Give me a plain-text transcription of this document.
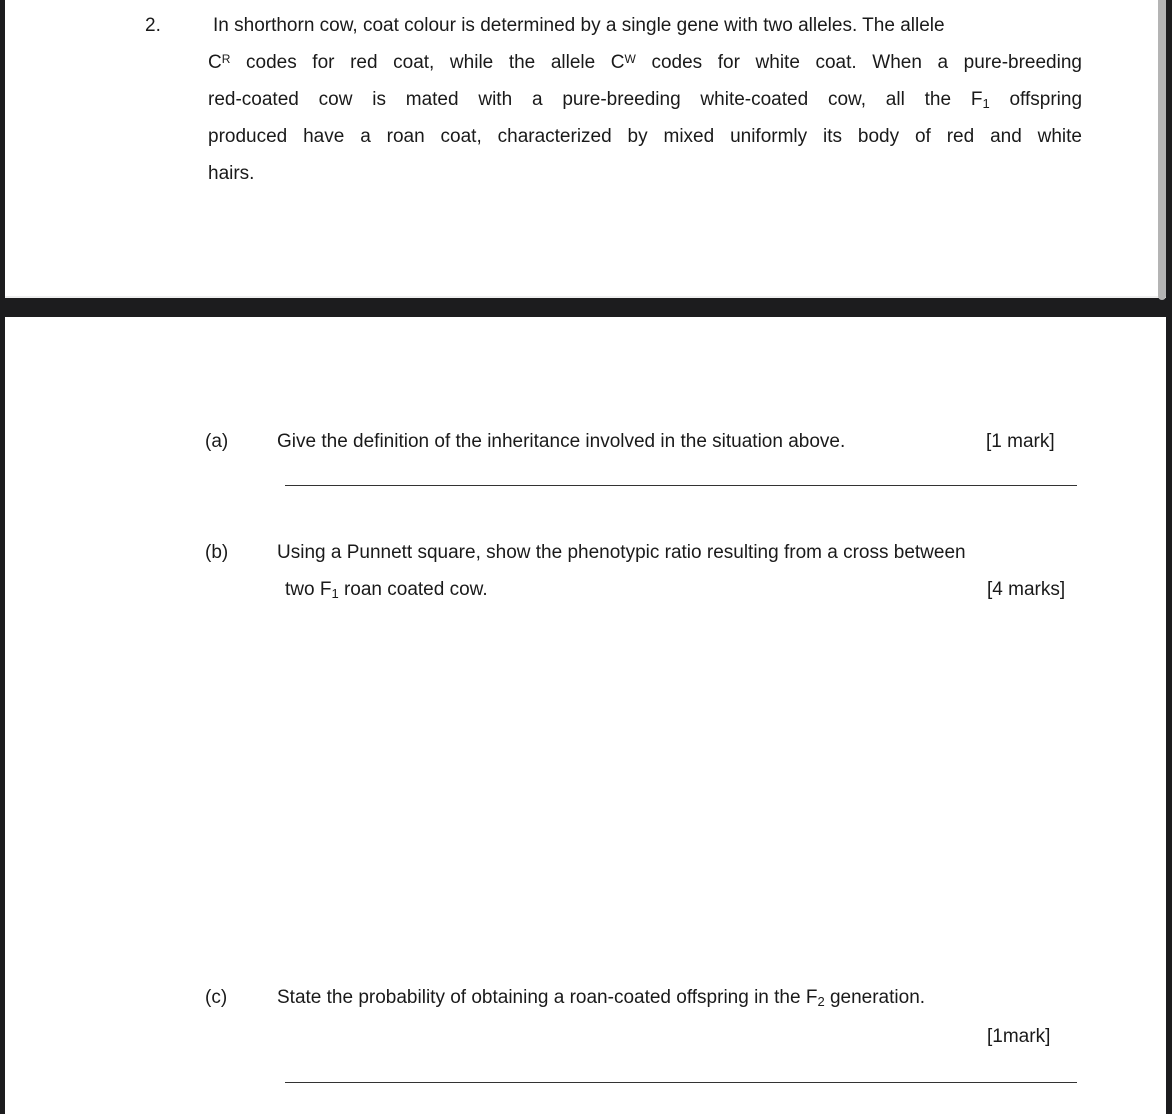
2.	In shorthorn cow, coat colour is determined by a single gene with two alleles. The allele
$C^R$ codes for red coat, while the allele $C^W$ codes for white coat. When a pure-breeding
red-coated cow is mated with a pure-breeding white-coated cow, all the $F_1$ offspring
produced have a roan coat, characterized by mixed uniformly its body of red and white
hairs.
(a)	Give the definition of the inheritance involved in the situation above.	[1 mark]
(b)	Using a Punnett square, show the phenotypic ratio resulting from a cross between
two $F_1$ roan coated cow.	[4 marks]
(c)	State the probability of obtaining a roan-coated offspring in the $F_2$ generation.
[1mark]
